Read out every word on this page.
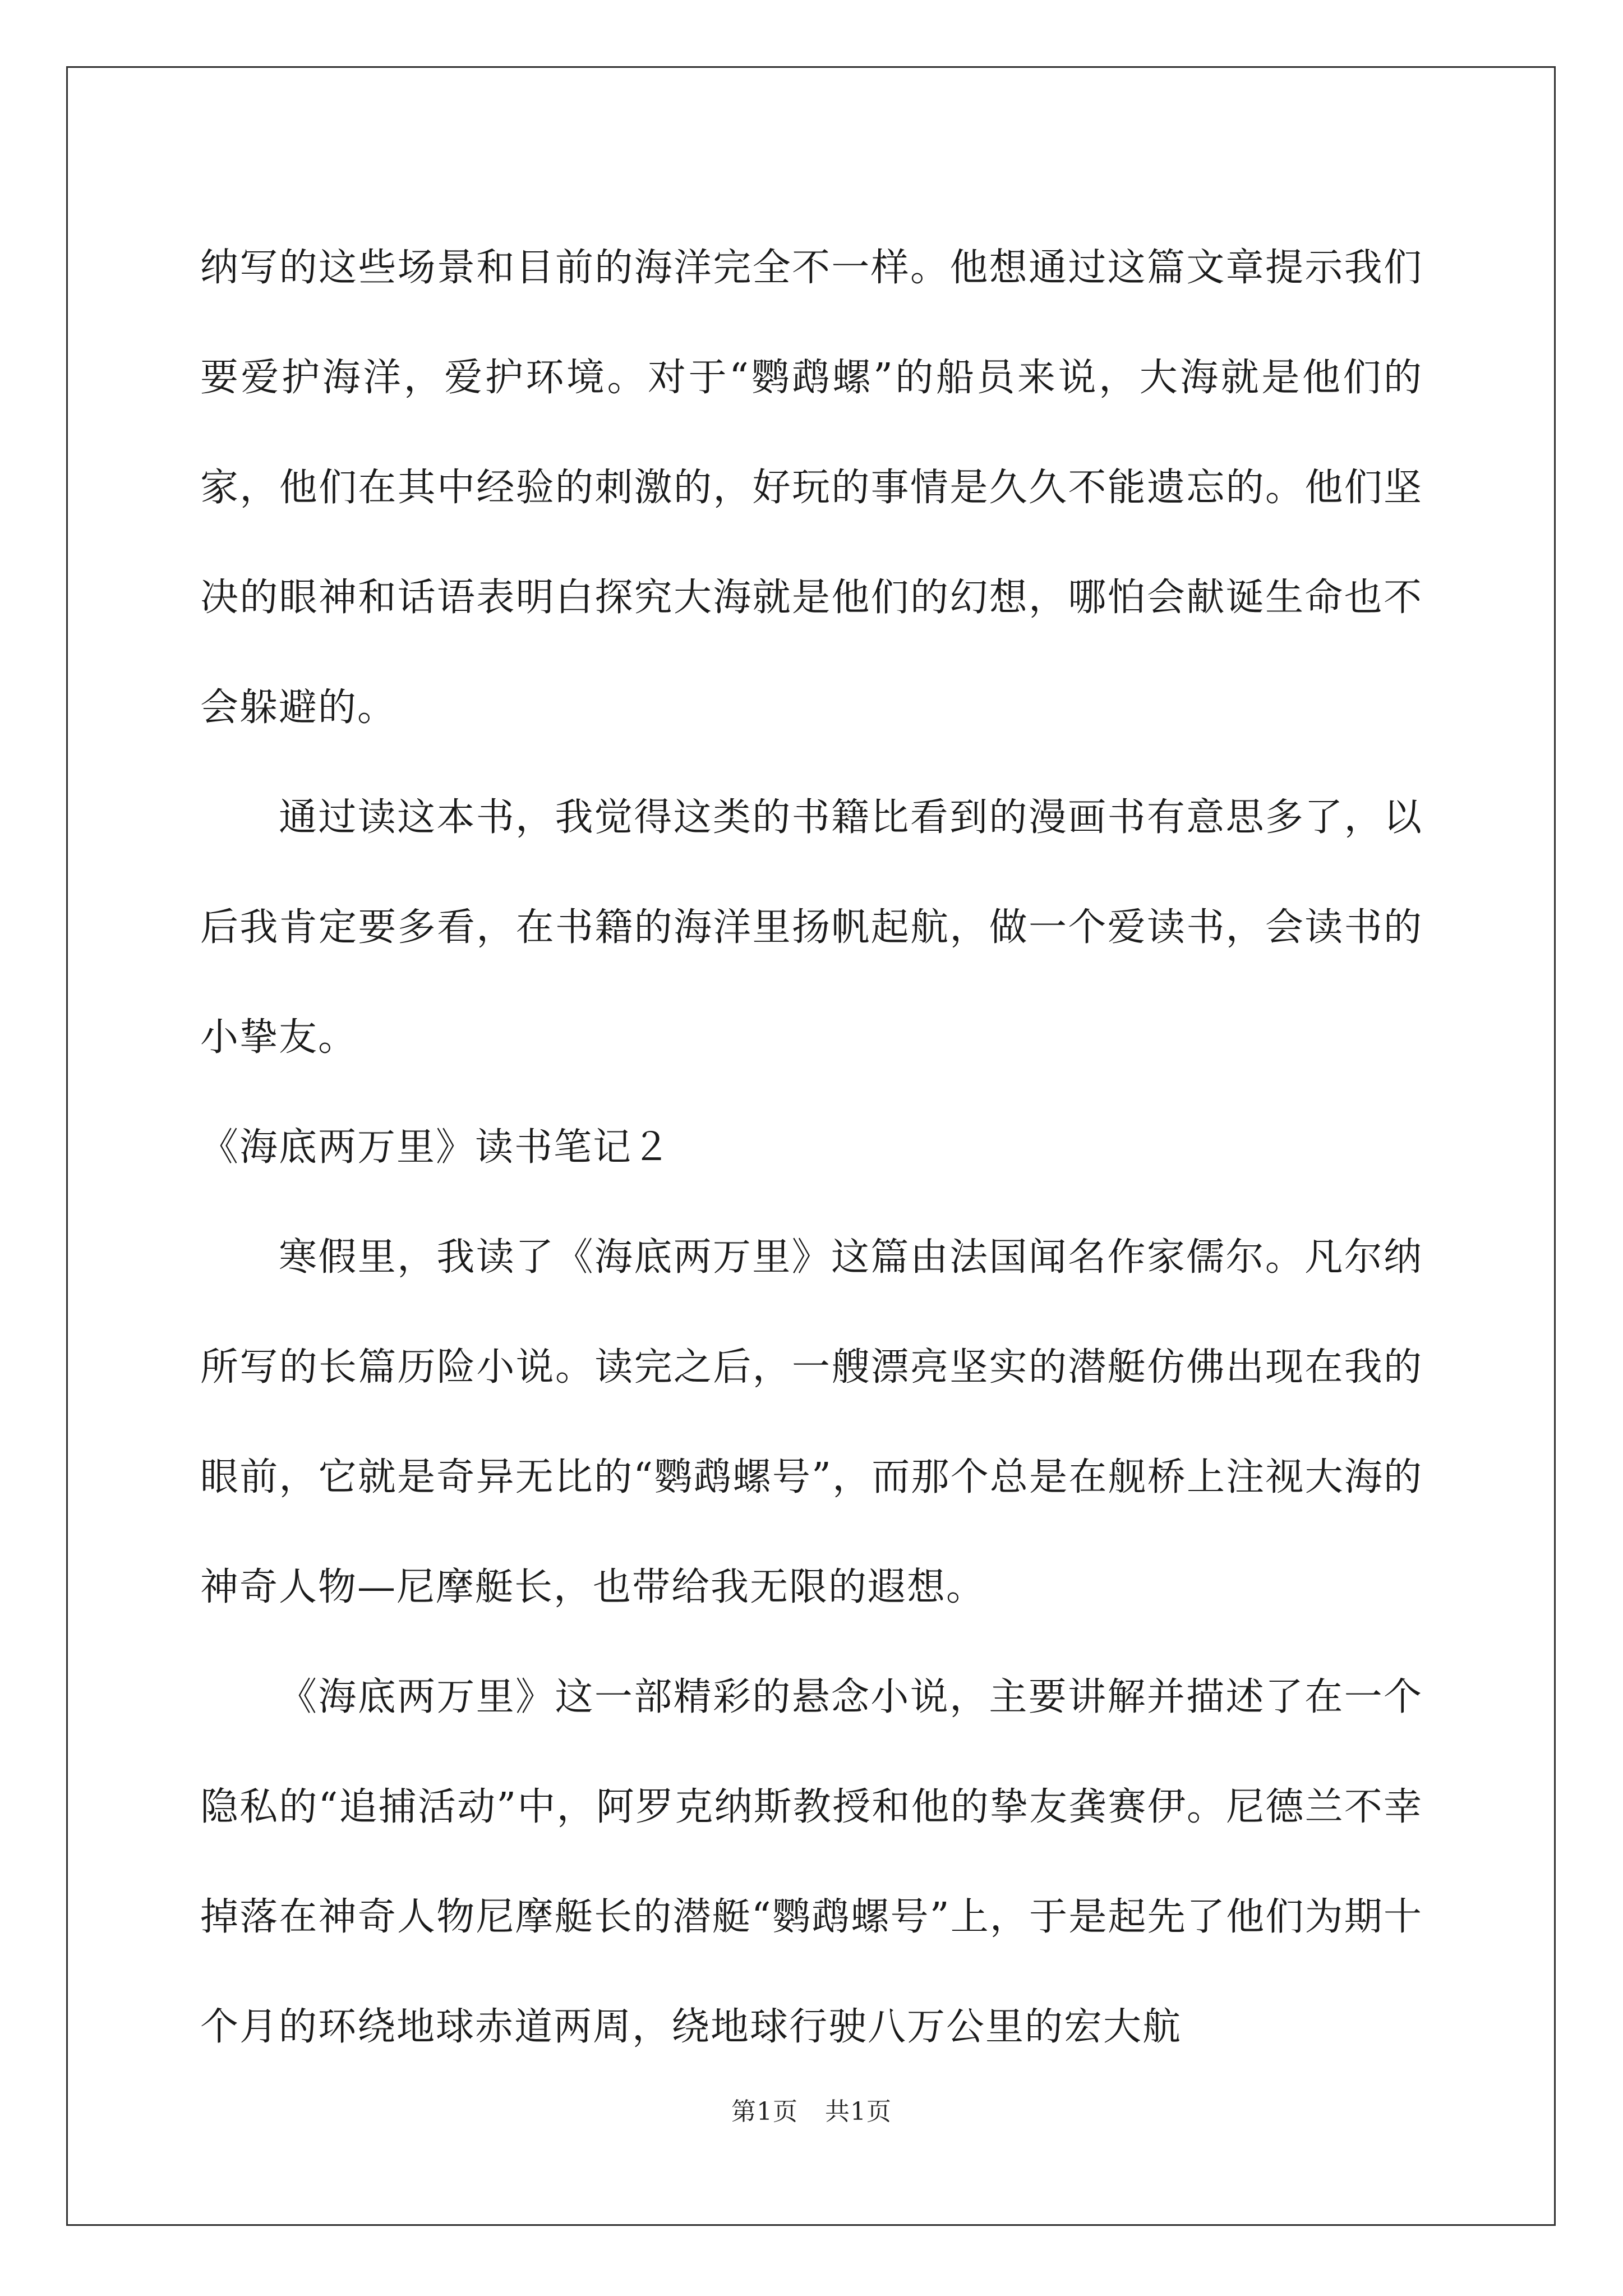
纳写的这些场景和目前的海洋完全不一样。他想通过这篇文章提示我们要爱护海洋，爱护环境。对于“鹦鹉螺”的船员来说，大海就是他们的家，他们在其中经验的刺激的，好玩的事情是久久不能遗忘的。他们坚决的眼神和话语表明白探究大海就是他们的幻想，哪怕会献诞生命也不会躲避的。

通过读这本书，我觉得这类的书籍比看到的漫画书有意思多了，以后我肯定要多看，在书籍的海洋里扬帆起航，做一个爱读书，会读书的小挚友。

《海底两万里》读书笔记２

寒假里，我读了《海底两万里》这篇由法国闻名作家儒尔。凡尔纳所写的长篇历险小说。读完之后，一艘漂亮坚实的潜艇仿佛出现在我的眼前，它就是奇异无比的“鹦鹉螺号”，而那个总是在舰桥上注视大海的神奇人物—尼摩艇长，也带给我无限的遐想。

《海底两万里》这一部精彩的悬念小说，主要讲解并描述了在一个隐私的“追捕活动”中，阿罗克纳斯教授和他的挚友龚赛伊。尼德兰不幸掉落在神奇人物尼摩艇长的潜艇“鹦鹉螺号”上，于是起先了他们为期十个月的环绕地球赤道两周，绕地球行驶八万公里的宏大航

第1页 共1页
